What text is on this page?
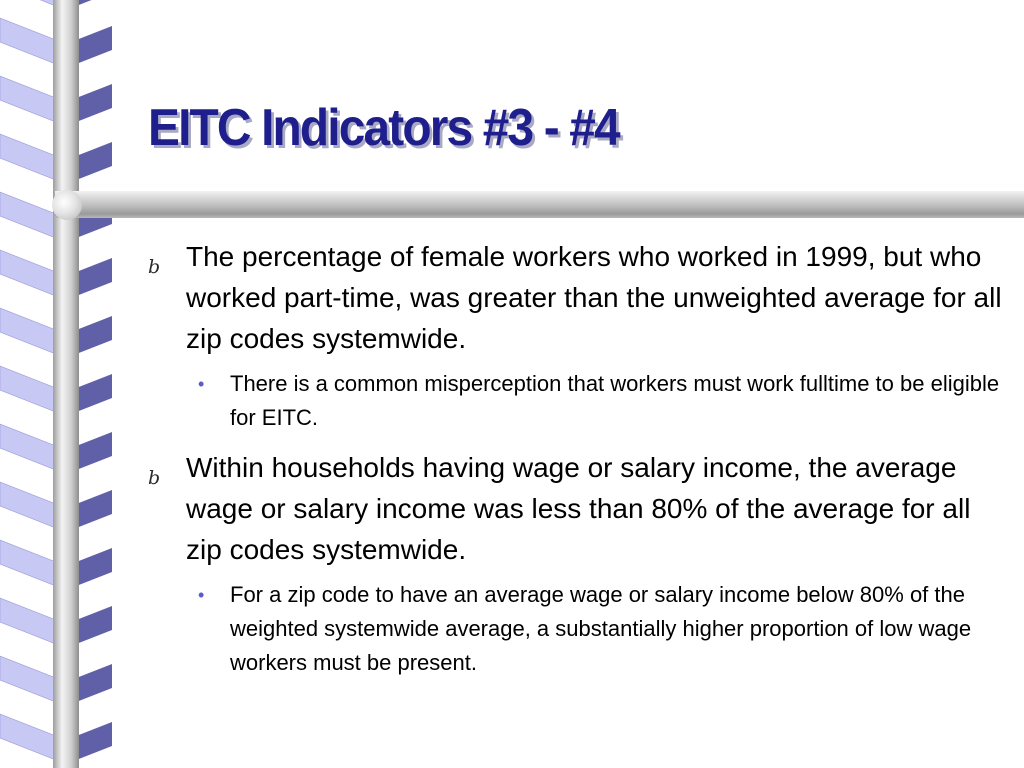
EITC Indicators #3 - #4
b The percentage of female workers who worked in 1999, but who worked part-time, was greater than the unweighted average for all zip codes systemwide.
• There is a common misperception that workers must work fulltime to be eligible for EITC.
b Within households having wage or salary income, the average wage or salary income was less than 80% of the average for all zip codes systemwide.
• For a zip code to have an average wage or salary income below 80% of the weighted systemwide average, a substantially higher proportion of low wage workers must be present.
